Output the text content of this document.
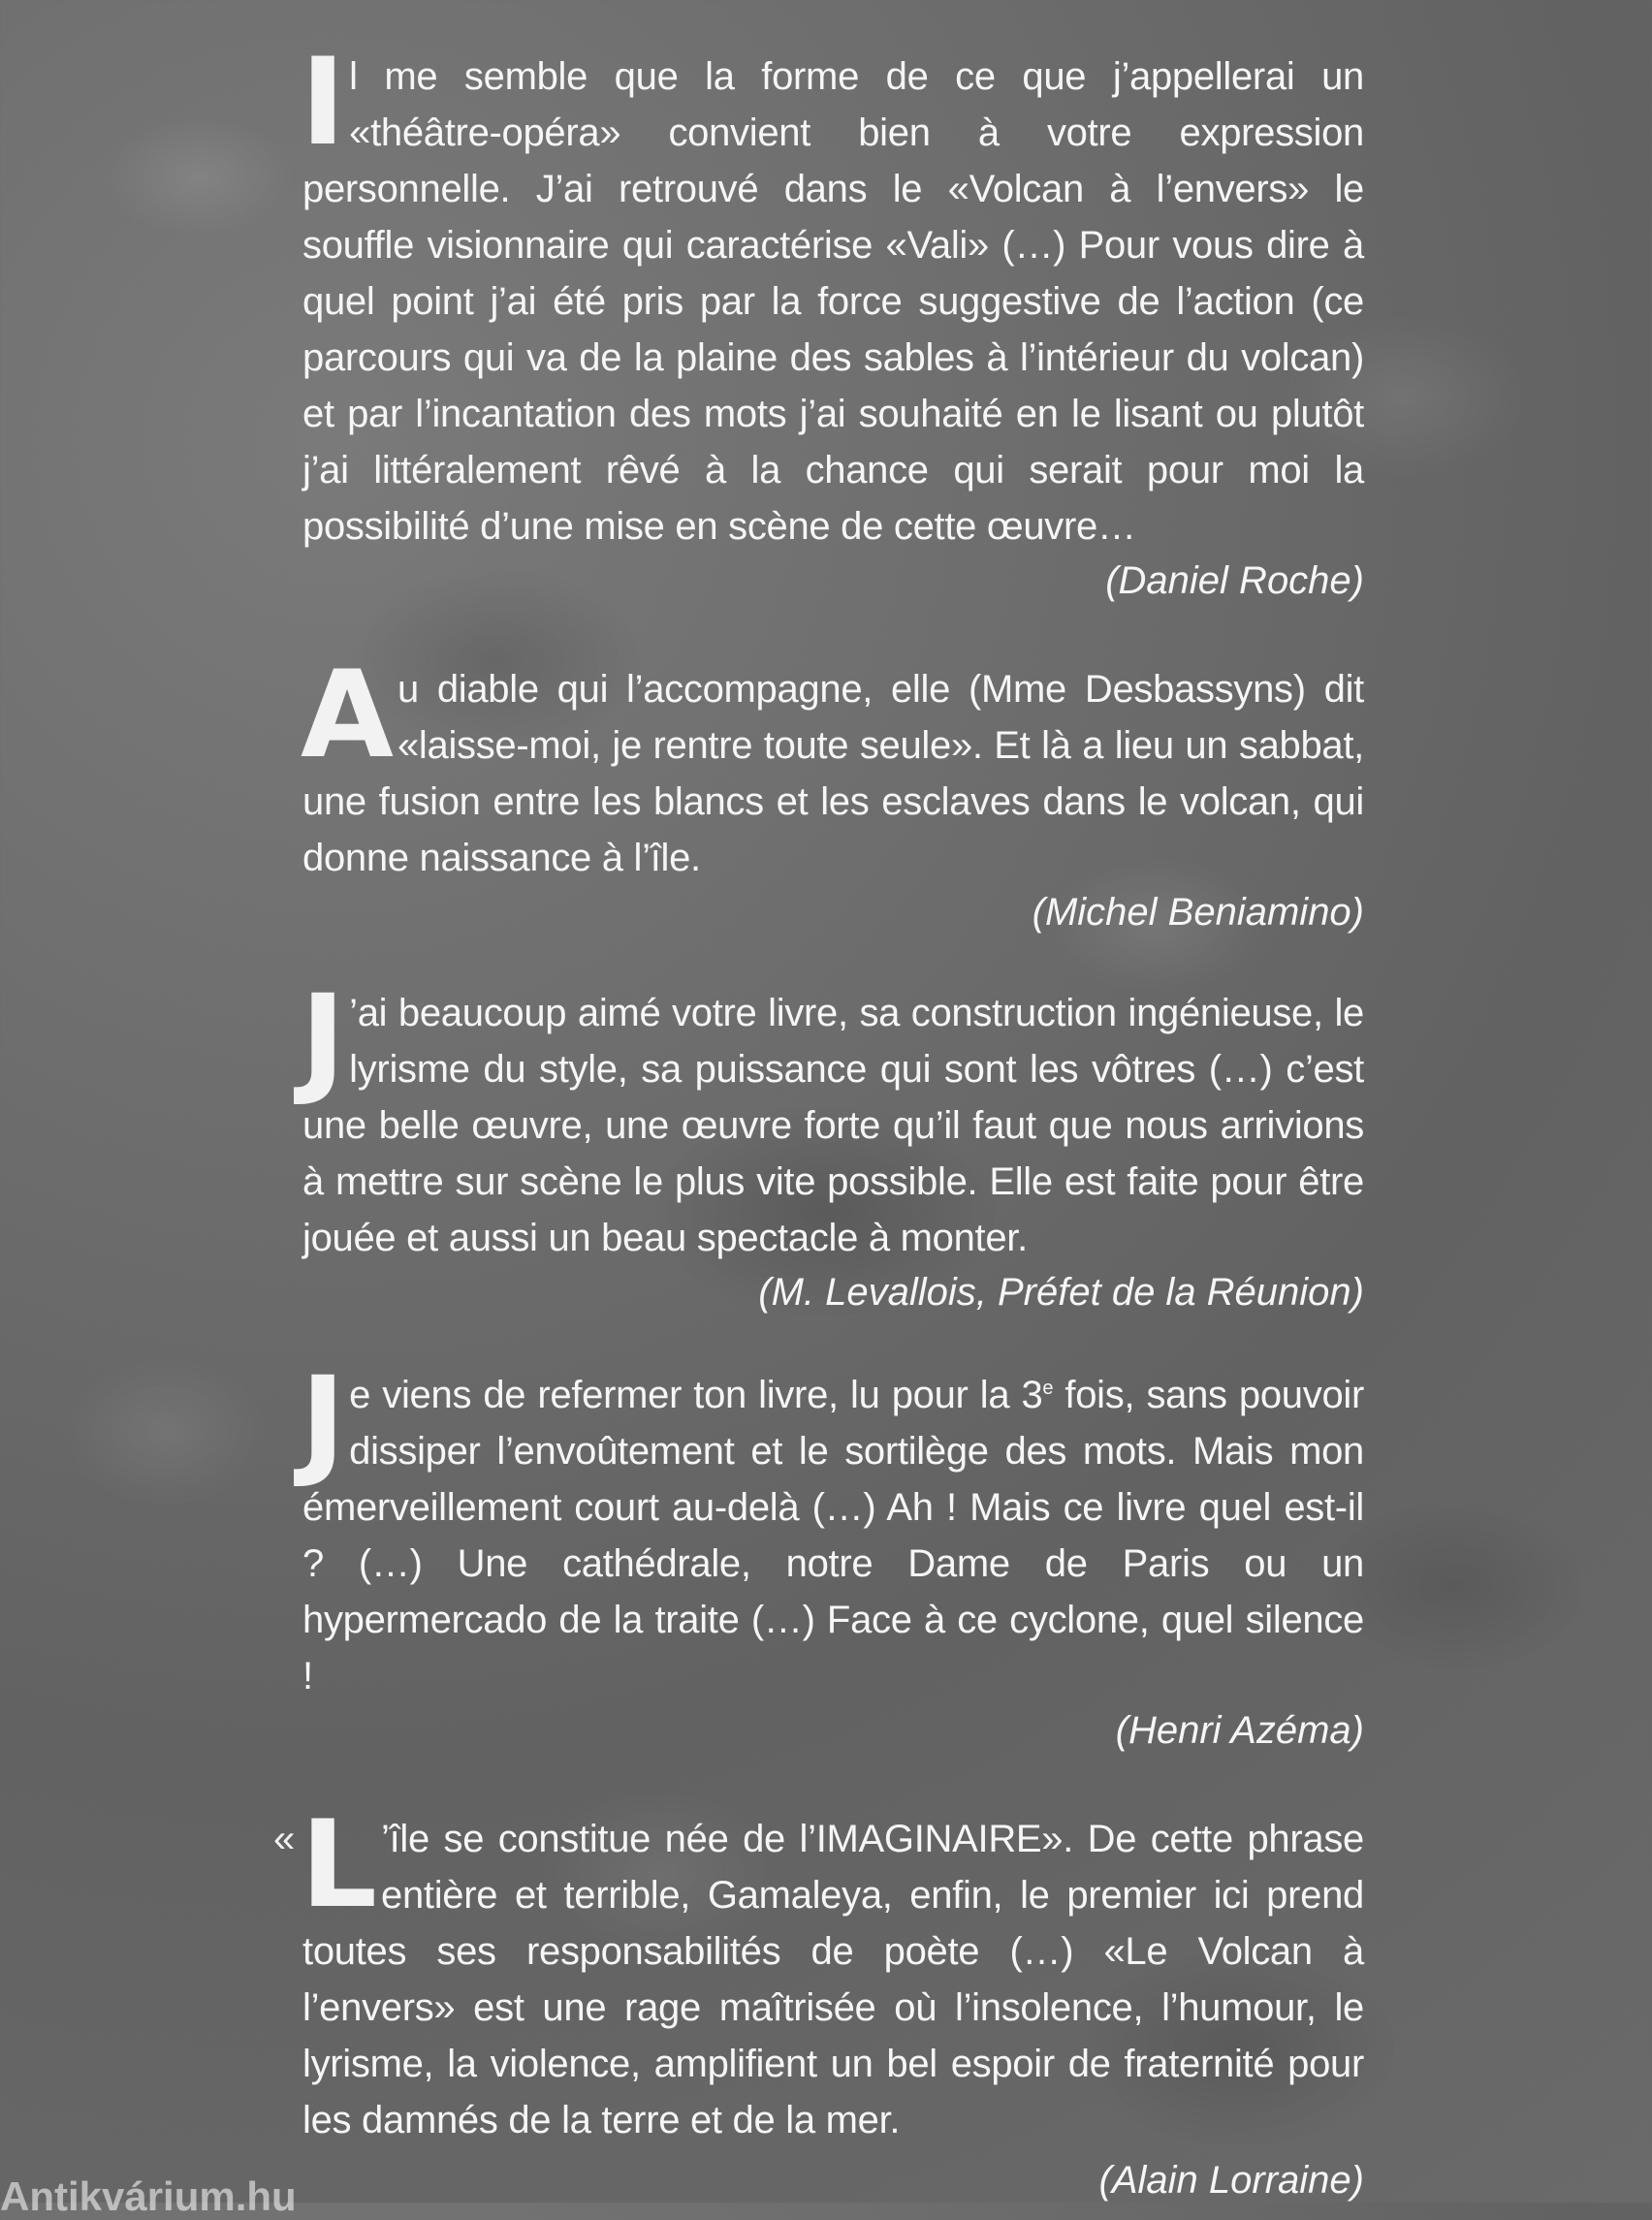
Il me semble que la forme de ce que j’appellerai un «théâtre-opéra» convient bien à votre expression personnelle. J’ai retrouvé dans le «Volcan à l’envers» le souffle visionnaire qui caractérise «Vali» (…) Pour vous dire à quel point j’ai été pris par la force suggestive de l’action (ce parcours qui va de la plaine des sables à l’intérieur du volcan) et par l’incantation des mots j’ai souhaité en le lisant ou plutôt j’ai littéralement rêvé à la chance qui serait pour moi la possibilité d’une mise en scène de cette œuvre…

(Daniel Roche)

Au diable qui l’accompagne, elle (Mme Desbassyns) dit «laisse-moi, je rentre toute seule». Et là a lieu un sabbat, une fusion entre les blancs et les esclaves dans le volcan, qui donne naissance à l’île.

(Michel Beniamino)

J ’ai beaucoup aimé votre livre, sa construction ingénieuse, le lyrisme du style, sa puissance qui sont les vôtres (…) c’est une belle œuvre, une œuvre forte qu’il faut que nous arrivions à mettre sur scène le plus vite possible. Elle est faite pour être jouée et aussi un beau spectacle à monter.

(M. Levallois, Préfet de la Réunion)

Je viens de refermer ton livre, lu pour la 3e fois, sans pouvoir dissiper l’envoûtement et le sortilège des mots. Mais mon émerveillement court au-delà (…) Ah ! Mais ce livre quel est-il ? (…) Une cathédrale, notre Dame de Paris ou un hypermercado de la traite (…) Face à ce cyclone, quel silence !

(Henri Azéma)

« L ’île se constitue née de l’IMAGINAIRE». De cette phrase entière et terrible, Gamaleya, enfin, le premier ici prend toutes ses responsabilités de poète (…) «Le Volcan à l’envers» est une rage maîtrisée où l’insolence, l’humour, le lyrisme, la violence, amplifient un bel espoir de fraternité pour les damnés de la terre et de la mer.

(Alain Lorraine)

Antikvárium.hu
